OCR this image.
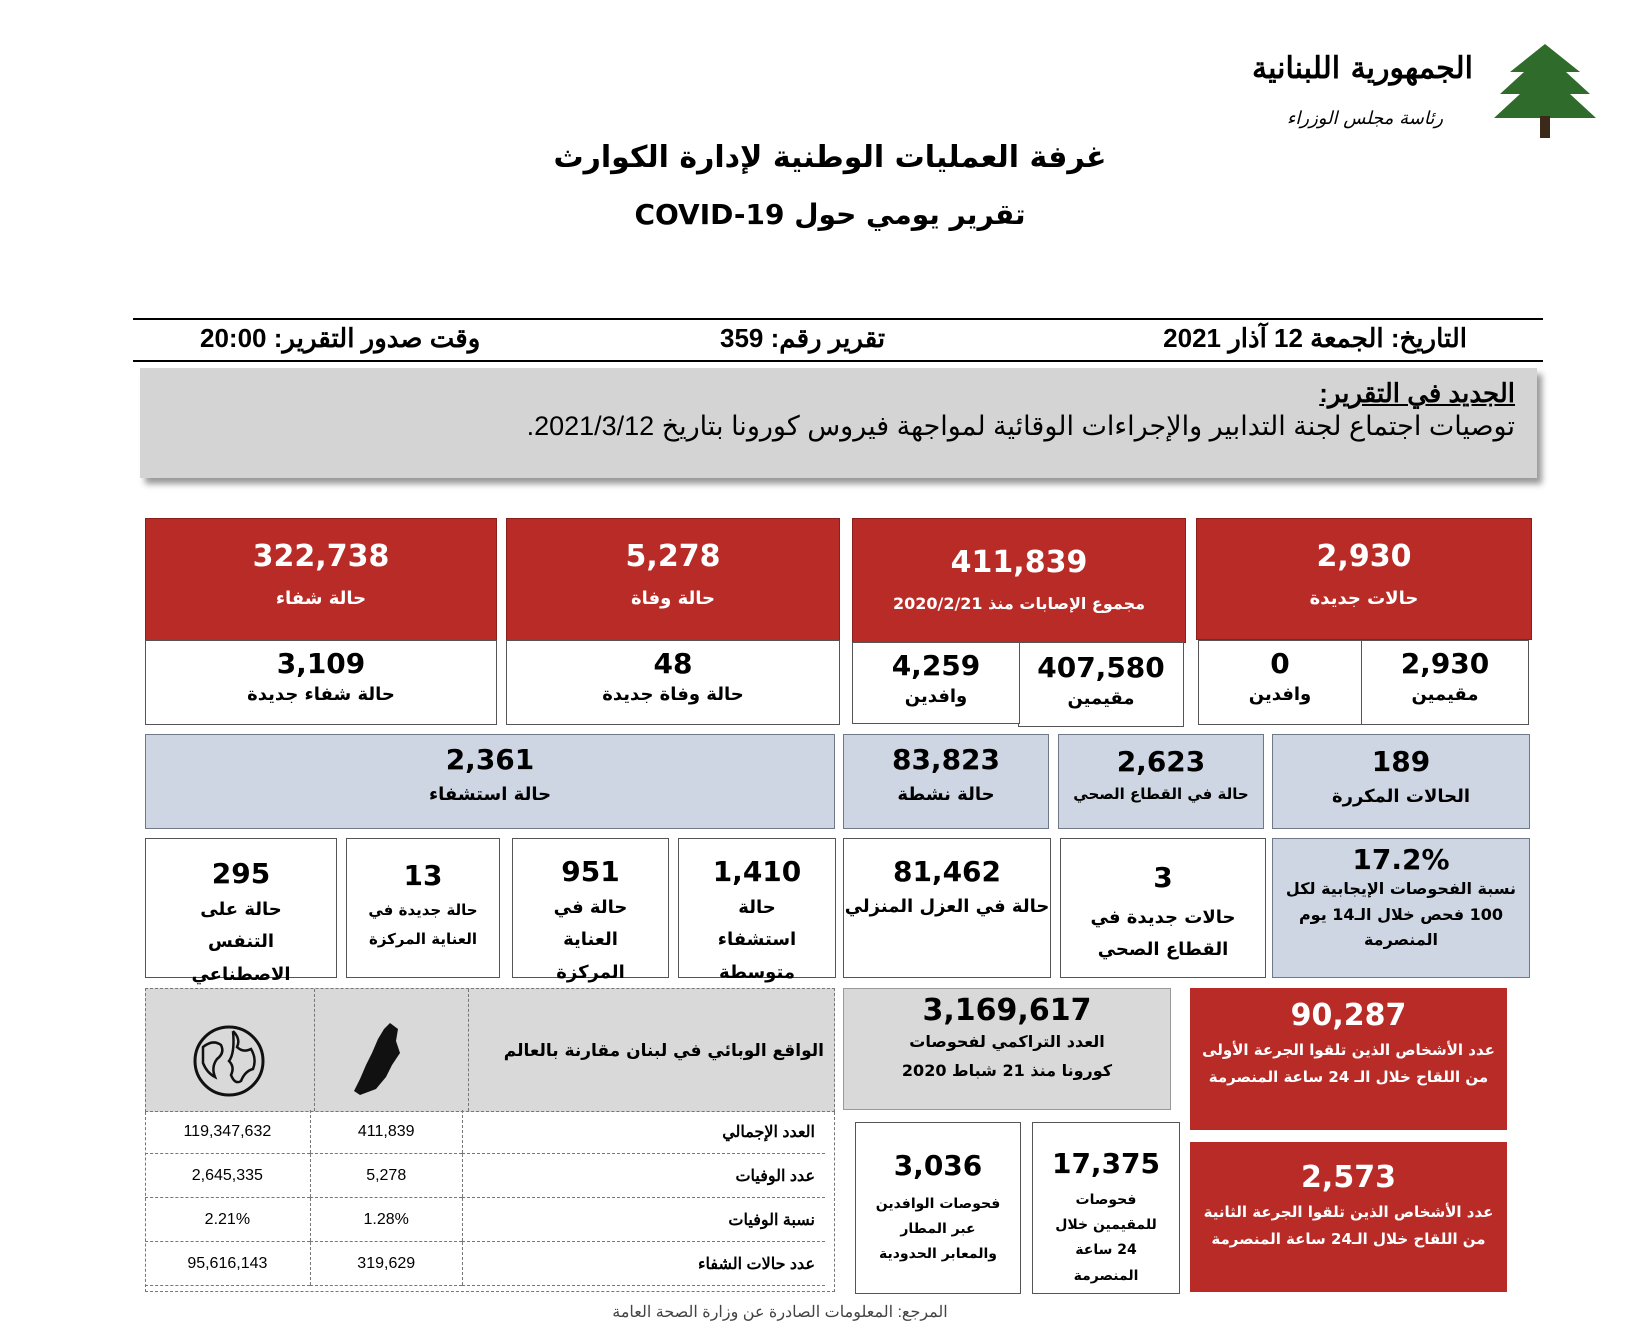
الجمهورية اللبنانية
رئاسة مجلس الوزراء
غرفة العمليات الوطنية لإدارة الكوارث
تقرير يومي حول COVID-19
التاريخ: الجمعة 12 آذار 2021
تقرير رقم: 359
وقت صدور التقرير: 20:00
الجديد في التقرير:
توصيات اجتماع لجنة التدابير والإجراءات الوقائية لمواجهة فيروس كورونا بتاريخ 2021/3/12.
2,930
حالات جديدة
411,839
مجموع الإصابات منذ 2020/2/21
5,278
حالة وفاة
322,738
حالة شفاء
2,930
مقيمين
0
وافدين
407,580
مقيمين
4,259
وافدين
48
حالة وفاة جديدة
3,109
حالة شفاء جديدة
189
الحالات المكررة
2,623
حالة في القطاع الصحي
83,823
حالة نشطة
2,361
حالة استشفاء
17.2%
نسبة الفحوصات الإيجابية لكل 100 فحص خلال الـ14 يوم المنصرمة
3
حالات جديدة في القطاع الصحي
81,462
حالة في العزل المنزلي
1,410
حالة استشفاء متوسطة
951
حالة في العناية المركزة
13
حالة جديدة في العناية المركزة
295
حالة على التنفس الاصطناعي
الواقع الوبائي في لبنان مقارنة بالعالم
العدد الإجمالي	411,839	119,347,632
عدد الوفيات	5,278	2,645,335
نسبة الوفيات	1.28%	2.21%
عدد حالات الشفاء	319,629	95,616,143
3,169,617
العدد التراكمي لفحوصات كورونا منذ 21 شباط 2020
17,375
فحوصات للمقيمين خلال 24 ساعة المنصرمة
3,036
فحوصات الوافدين عبر المطار والمعابر الحدودية
90,287
عدد الأشخاص الذين تلقوا الجرعة الأولى من اللقاح خلال الـ 24 ساعة المنصرمة
2,573
عدد الأشخاص الذين تلقوا الجرعة الثانية من اللقاح خلال الـ24 ساعة المنصرمة
المرجع: المعلومات الصادرة عن وزارة الصحة العامة
